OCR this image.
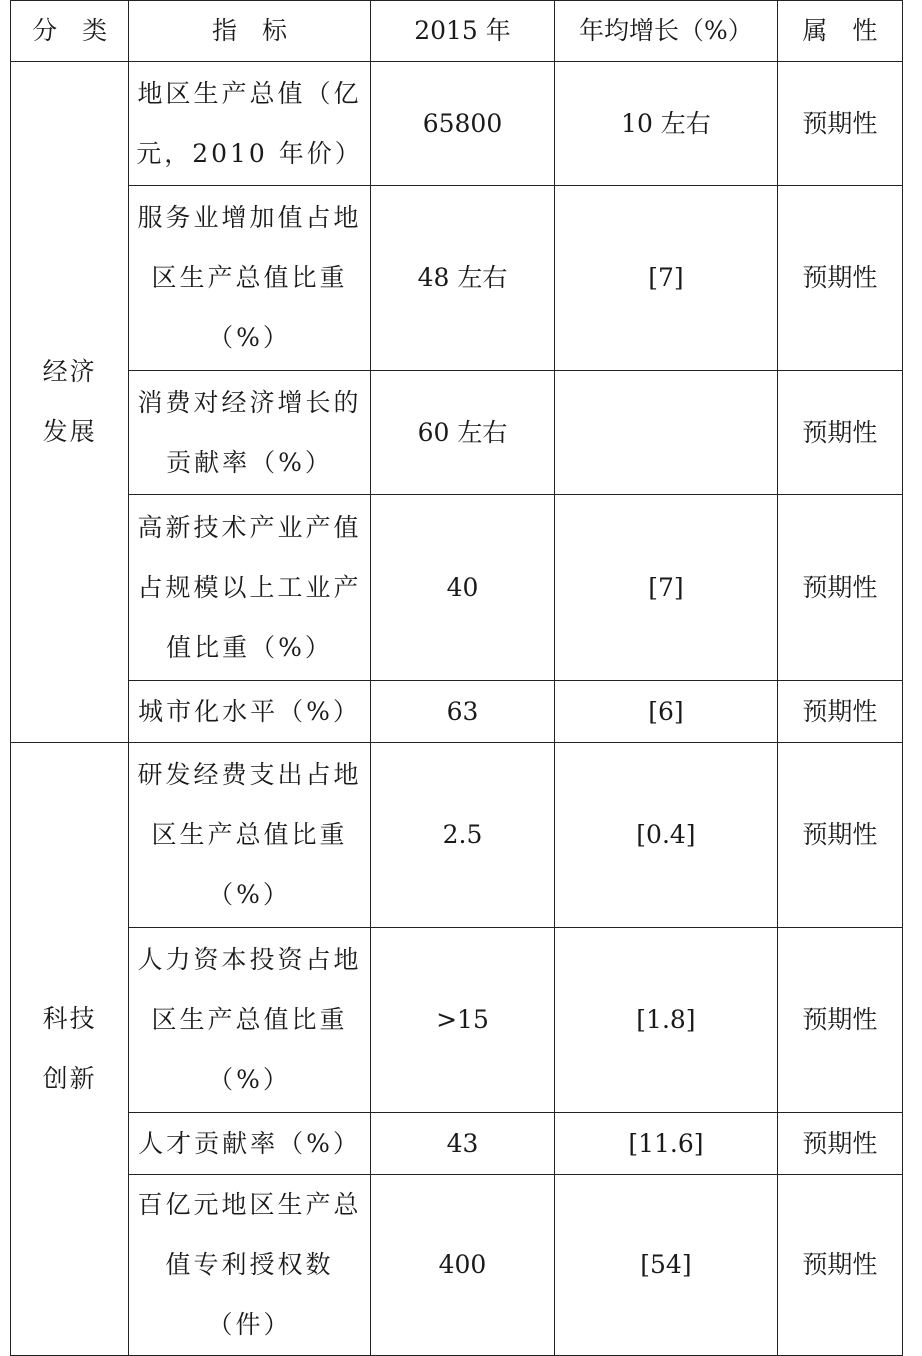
分　类	指　标	2015 年	年均增长（%）	属　性
经济发展	地区生产总值（亿元，2010 年价）	65800	10 左右	预期性

	服务业增加值占地区生产总值比重（%）	48 左右	[7]	预期性

	消费对经济增长的贡献率（%）	60 左右		预期性

	高新技术产业产值占规模以上工业产值比重（%）	40	[7]	预期性

	城市化水平（%）	63	[6]	预期性
科技创新	研发经费支出占地区生产总值比重（%）	2.5	[0.4]	预期性

	人力资本投资占地区生产总值比重（%）	>15	[1.8]	预期性

	人才贡献率（%）	43	[11.6]	预期性

	百亿元地区生产总值专利授权数（件）	400	[54]	预期性
